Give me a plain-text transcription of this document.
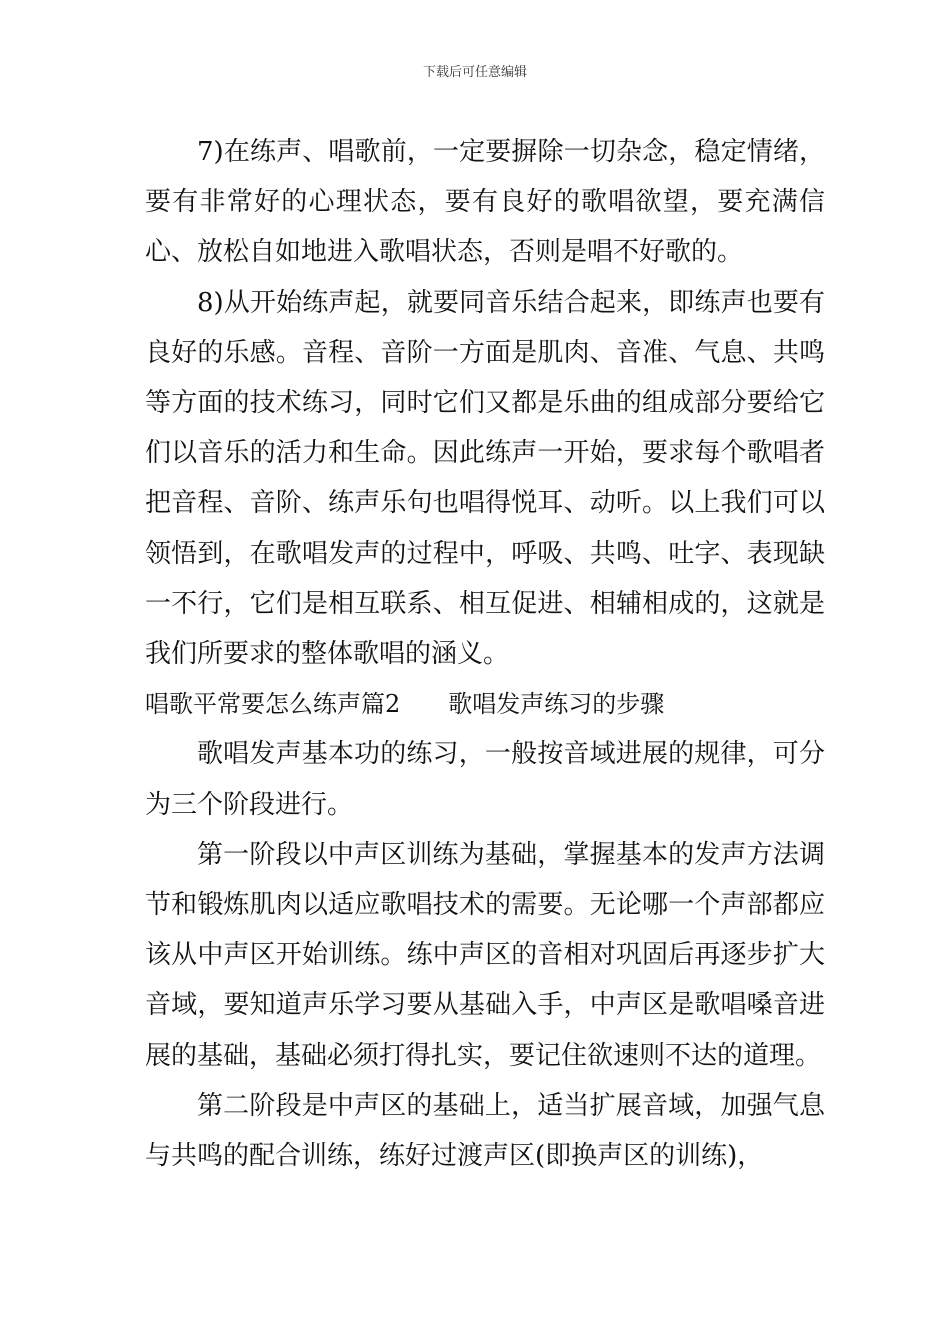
下载后可任意编辑

7)在练声、唱歌前，一定要摒除一切杂念，稳定情绪，要有非常好的心理状态，要有良好的歌唱欲望，要充满信心、放松自如地进入歌唱状态，否则是唱不好歌的。

8)从开始练声起，就要同音乐结合起来，即练声也要有良好的乐感。音程、音阶一方面是肌肉、音准、气息、共鸣等方面的技术练习，同时它们又都是乐曲的组成部分要给它们以音乐的活力和生命。因此练声一开始，要求每个歌唱者把音程、音阶、练声乐句也唱得悦耳、动听。以上我们可以领悟到，在歌唱发声的过程中，呼吸、共鸣、吐字、表现缺一不行，它们是相互联系、相互促进、相辅相成的，这就是我们所要求的整体歌唱的涵义。

唱歌平常要怎么练声篇2　　歌唱发声练习的步骤

歌唱发声基本功的练习，一般按音域进展的规律，可分为三个阶段进行。

第一阶段以中声区训练为基础，掌握基本的发声方法调节和锻炼肌肉以适应歌唱技术的需要。无论哪一个声部都应该从中声区开始训练。练中声区的音相对巩固后再逐步扩大音域，要知道声乐学习要从基础入手，中声区是歌唱嗓音进展的基础，基础必须打得扎实，要记住欲速则不达的道理。

第二阶段是中声区的基础上，适当扩展音域，加强气息与共鸣的配合训练，练好过渡声区(即换声区的训练)，
